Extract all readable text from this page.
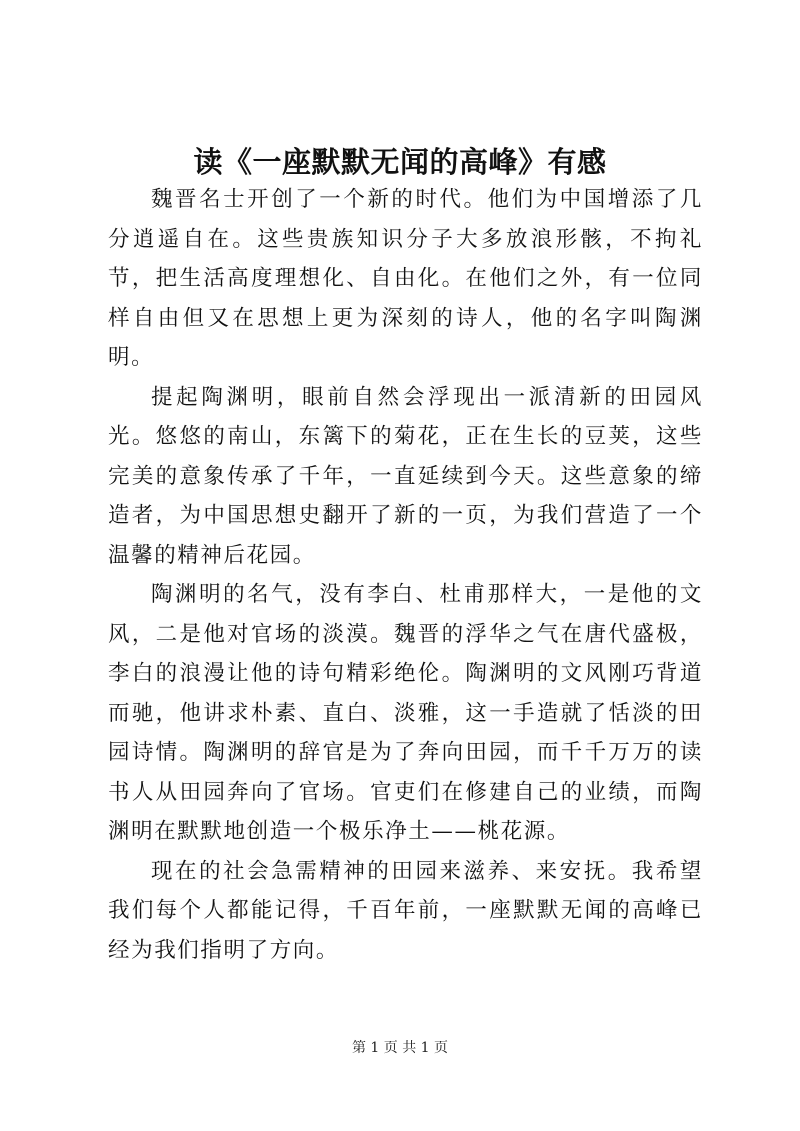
读《一座默默无闻的高峰》有感

魏晋名士开创了一个新的时代。他们为中国增添了几分逍遥自在。这些贵族知识分子大多放浪形骸，不拘礼节，把生活高度理想化、自由化。在他们之外，有一位同样自由但又在思想上更为深刻的诗人，他的名字叫陶渊明。

提起陶渊明，眼前自然会浮现出一派清新的田园风光。悠悠的南山，东篱下的菊花，正在生长的豆荚，这些完美的意象传承了千年，一直延续到今天。这些意象的缔造者，为中国思想史翻开了新的一页，为我们营造了一个温馨的精神后花园。

陶渊明的名气，没有李白、杜甫那样大，一是他的文风，二是他对官场的淡漠。魏晋的浮华之气在唐代盛极，李白的浪漫让他的诗句精彩绝伦。陶渊明的文风刚巧背道而驰，他讲求朴素、直白、淡雅，这一手造就了恬淡的田园诗情。陶渊明的辞官是为了奔向田园，而千千万万的读书人从田园奔向了官场。官吏们在修建自己的业绩，而陶渊明在默默地创造一个极乐净土——桃花源。

现在的社会急需精神的田园来滋养、来安抚。我希望我们每个人都能记得，千百年前，一座默默无闻的高峰已经为我们指明了方向。

第 1 页 共 1 页
